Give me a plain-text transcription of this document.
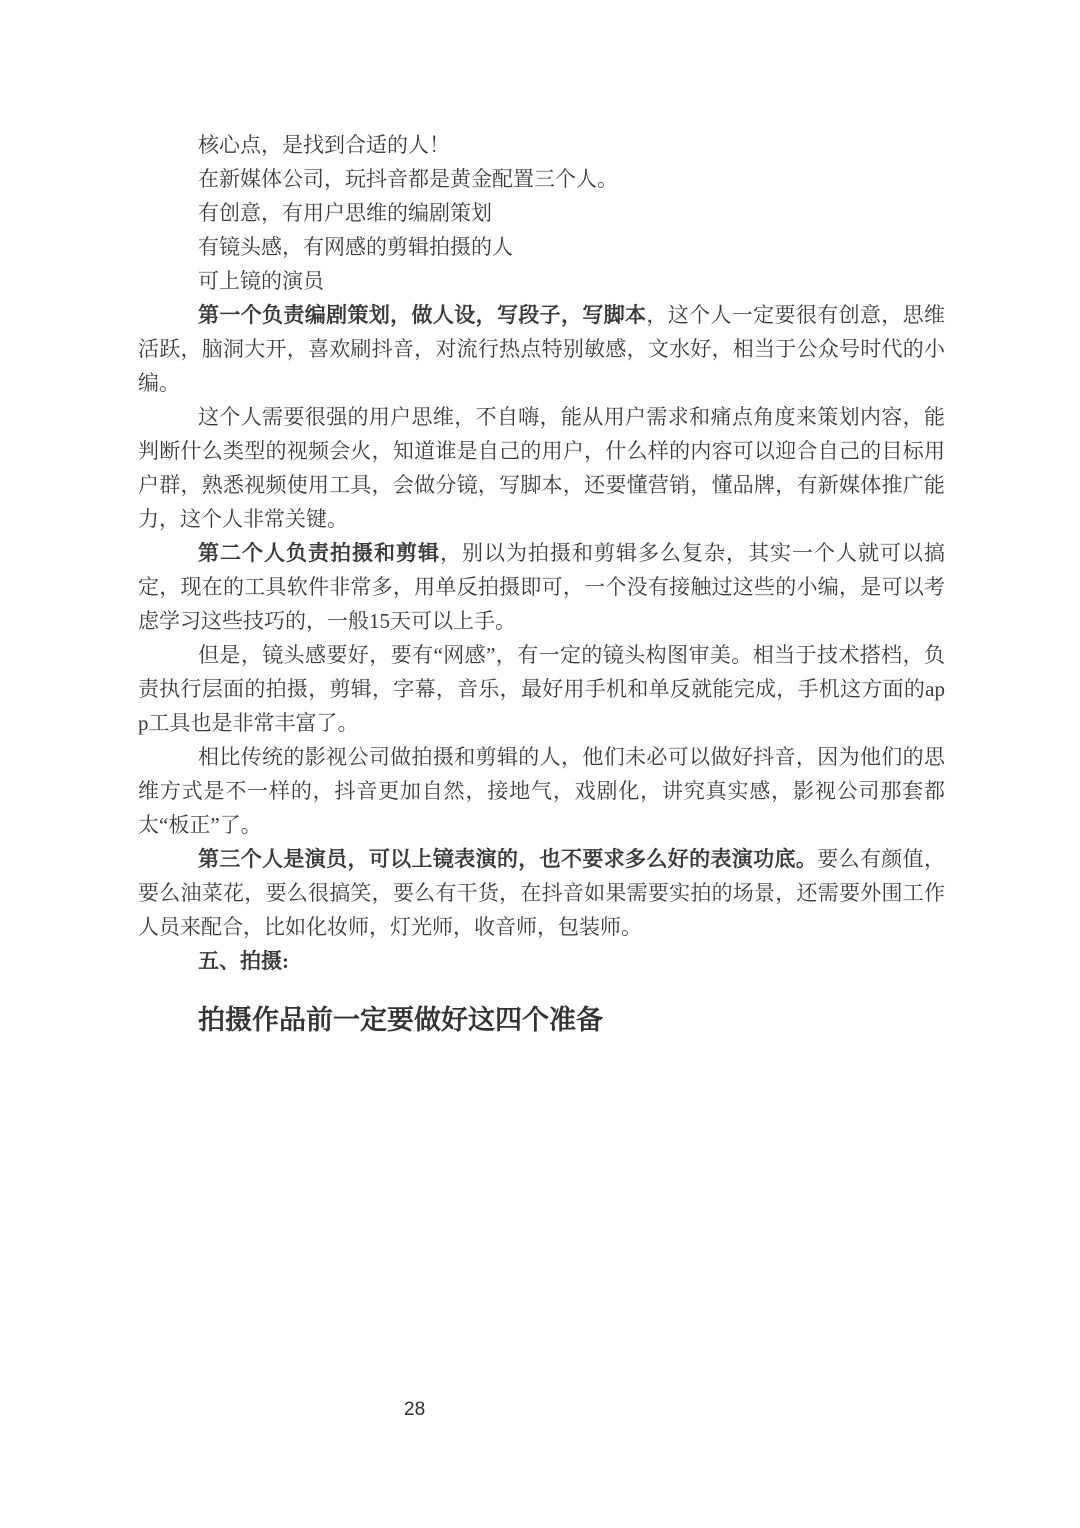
核心点，是找到合适的人！

在新媒体公司，玩抖音都是黄金配置三个人。

有创意，有用户思维的编剧策划

有镜头感，有网感的剪辑拍摄的人

可上镜的演员

第一个负责编剧策划，做人设，写段子，写脚本，这个人一定要很有创意，思维活跃，脑洞大开，喜欢刷抖音，对流行热点特别敏感，文水好，相当于公众号时代的小编。

这个人需要很强的用户思维，不自嗨，能从用户需求和痛点角度来策划内容，能判断什么类型的视频会火，知道谁是自己的用户，什么样的内容可以迎合自己的目标用户群，熟悉视频使用工具，会做分镜，写脚本，还要懂营销，懂品牌，有新媒体推广能力，这个人非常关键。

第二个人负责拍摄和剪辑，别以为拍摄和剪辑多么复杂，其实一个人就可以搞定，现在的工具软件非常多，用单反拍摄即可，一个没有接触过这些的小编，是可以考虑学习这些技巧的，一般15天可以上手。

但是，镜头感要好，要有“网感”，有一定的镜头构图审美。相当于技术搭档，负责执行层面的拍摄，剪辑，字幕，音乐，最好用手机和单反就能完成，手机这方面的app工具也是非常丰富了。

相比传统的影视公司做拍摄和剪辑的人，他们未必可以做好抖音，因为他们的思维方式是不一样的，抖音更加自然，接地气，戏剧化，讲究真实感，影视公司那套都太“板正”了。

第三个人是演员，可以上镜表演的，也不要求多么好的表演功底。要么有颜值，要么油菜花，要么很搞笑，要么有干货，在抖音如果需要实拍的场景，还需要外围工作人员来配合，比如化妆师，灯光师，收音师，包装师。

五、拍摄:

拍摄作品前一定要做好这四个准备
28
